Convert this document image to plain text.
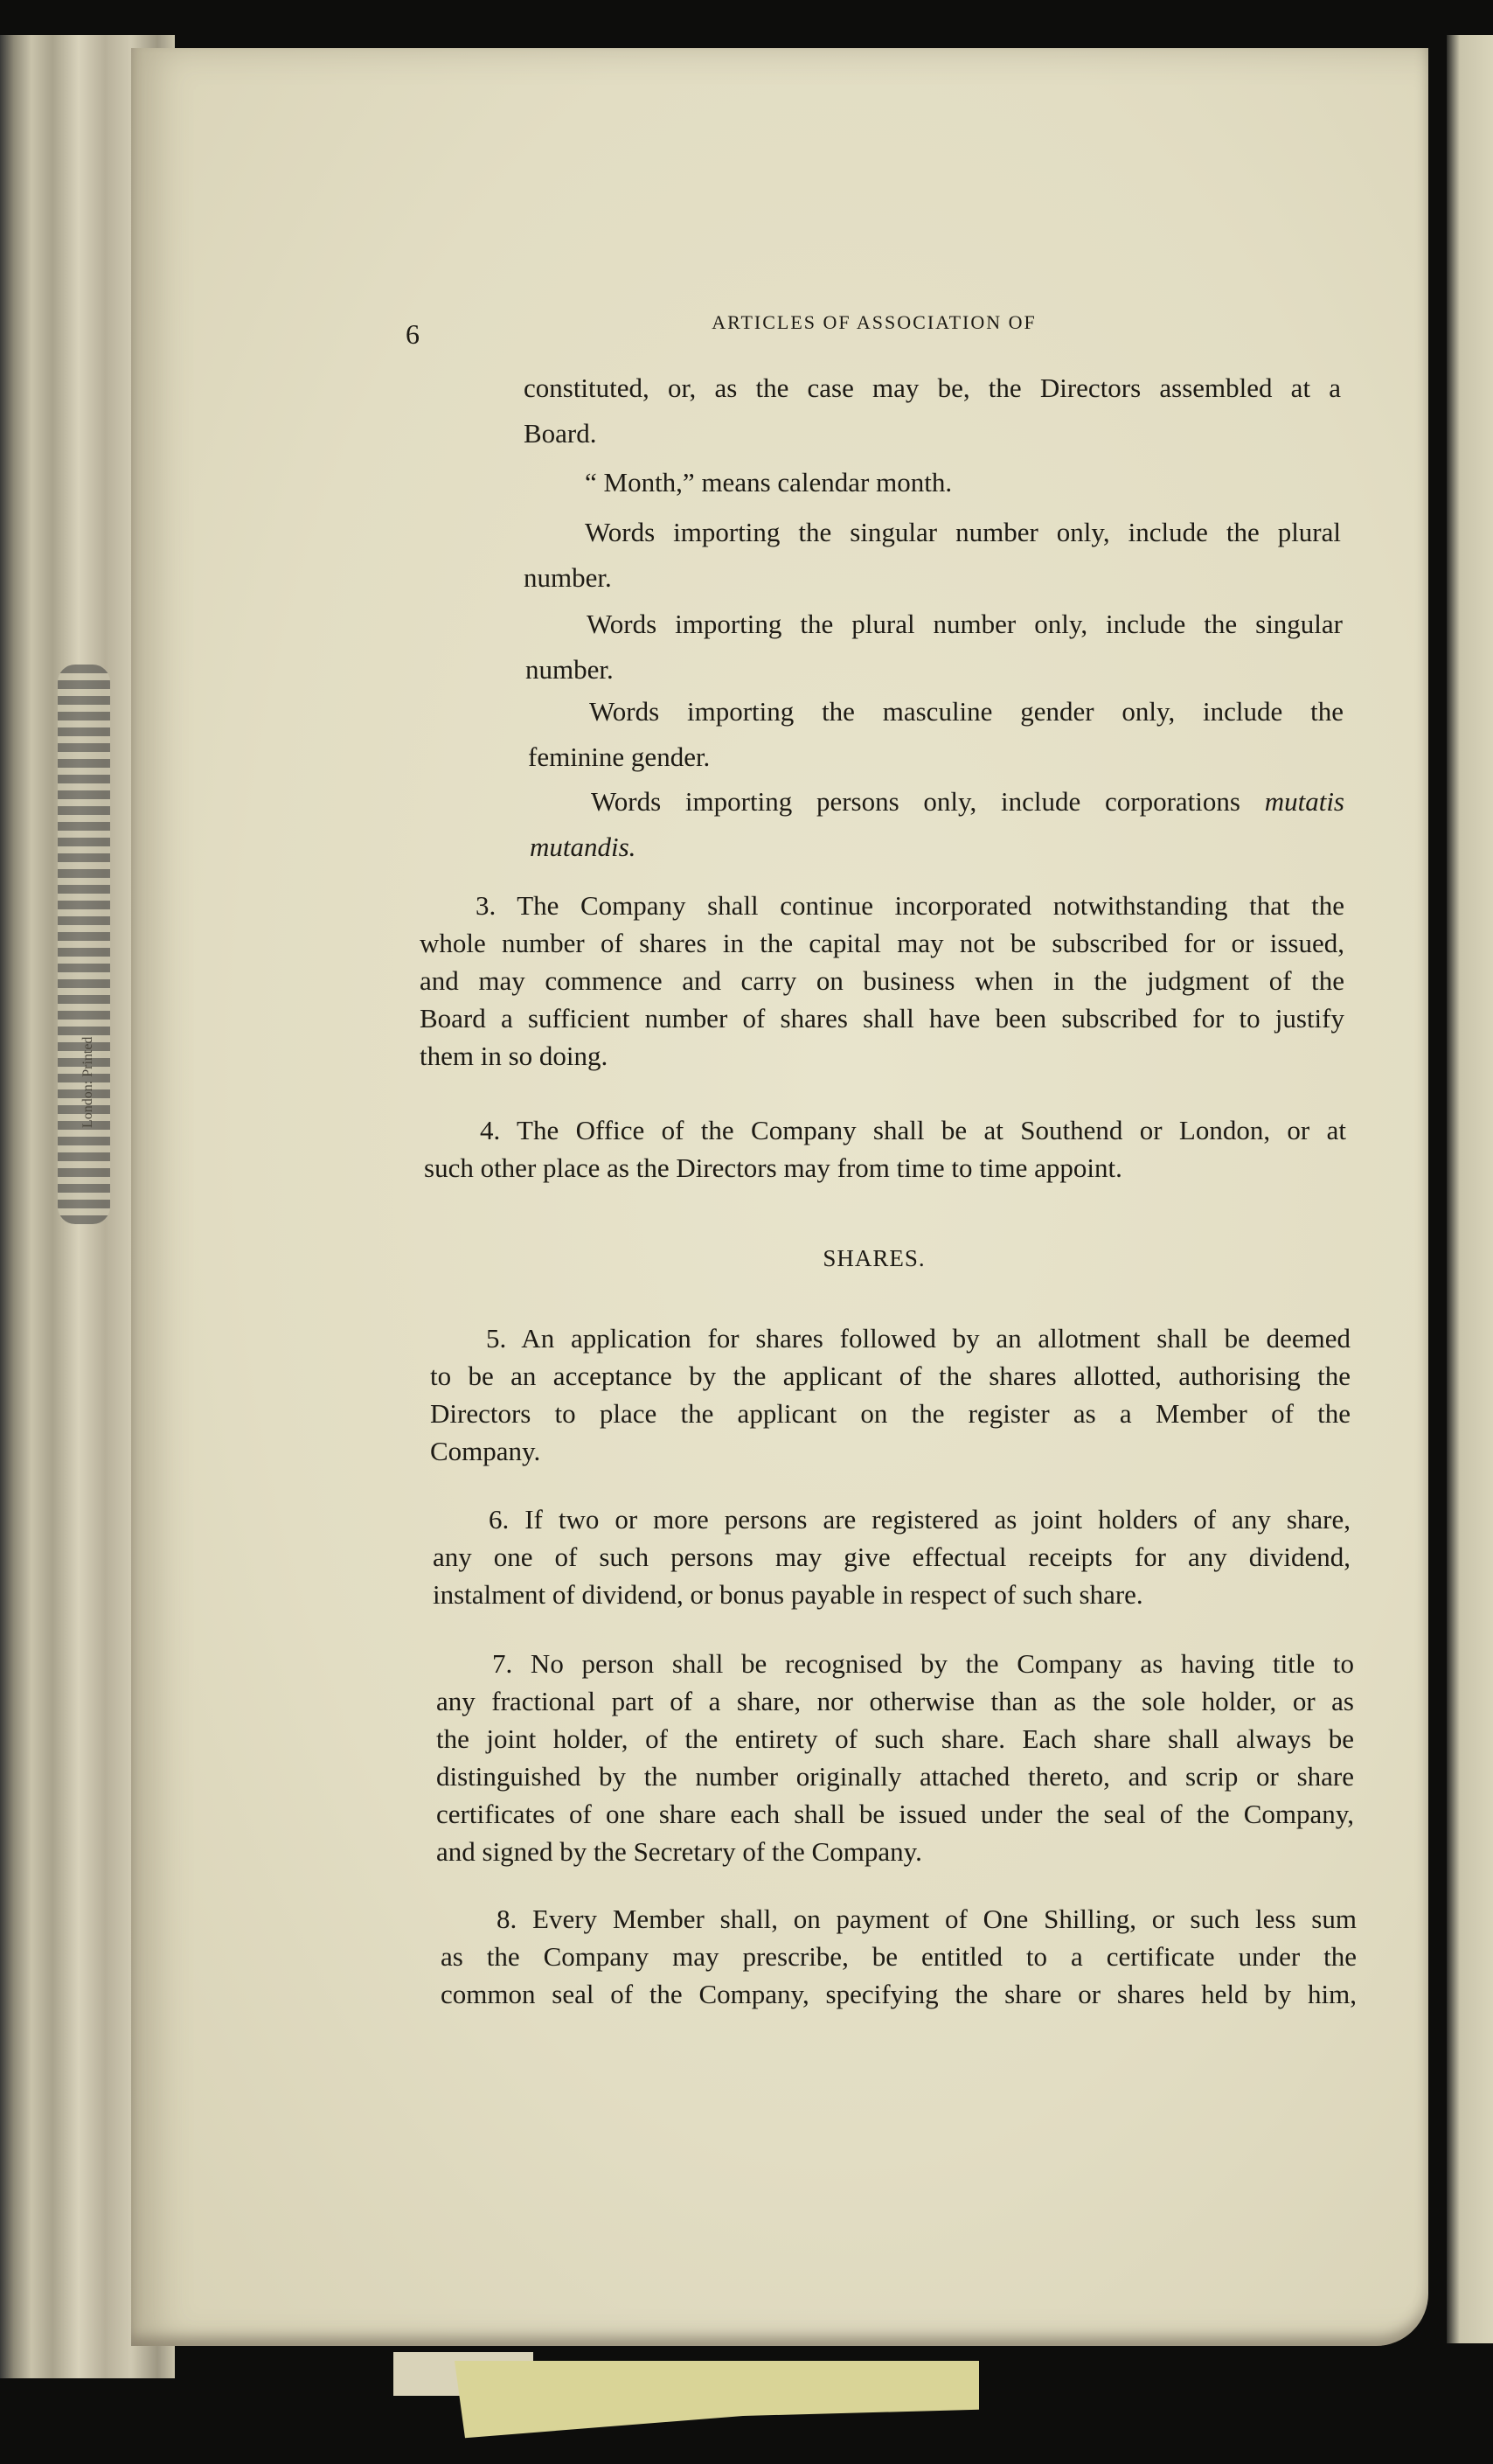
London: Printed
6	ARTICLES OF ASSOCIATION OF
constituted, or, as the case may be, the Directors assembled at a
Board.
“ Month,” means calendar month.
Words importing the singular number only, include the plural
number.
Words importing the plural number only, include the singular
number.
Words importing the masculine gender only, include the
feminine gender.
Words importing persons only, include corporations mutatis
mutandis.
3. The Company shall continue incorporated notwithstanding that the
whole number of shares in the capital may not be subscribed for or issued,
and may commence and carry on business when in the judgment of the
Board a sufficient number of shares shall have been subscribed for to justify
them in so doing.
4. The Office of the Company shall be at Southend or London, or at
such other place as the Directors may from time to time appoint.
SHARES.
5. An application for shares followed by an allotment shall be deemed
to be an acceptance by the applicant of the shares allotted, authorising the
Directors to place the applicant on the register as a Member of the
Company.
6. If two or more persons are registered as joint holders of any share,
any one of such persons may give effectual receipts for any dividend,
instalment of dividend, or bonus payable in respect of such share.
7. No person shall be recognised by the Company as having title to
any fractional part of a share, nor otherwise than as the sole holder, or as
the joint holder, of the entirety of such share. Each share shall always be
distinguished by the number originally attached thereto, and scrip or share
certificates of one share each shall be issued under the seal of the Company,
and signed by the Secretary of the Company.
8. Every Member shall, on payment of One Shilling, or such less sum
as the Company may prescribe, be entitled to a certificate under the
common seal of the Company, specifying the share or shares held by him,
